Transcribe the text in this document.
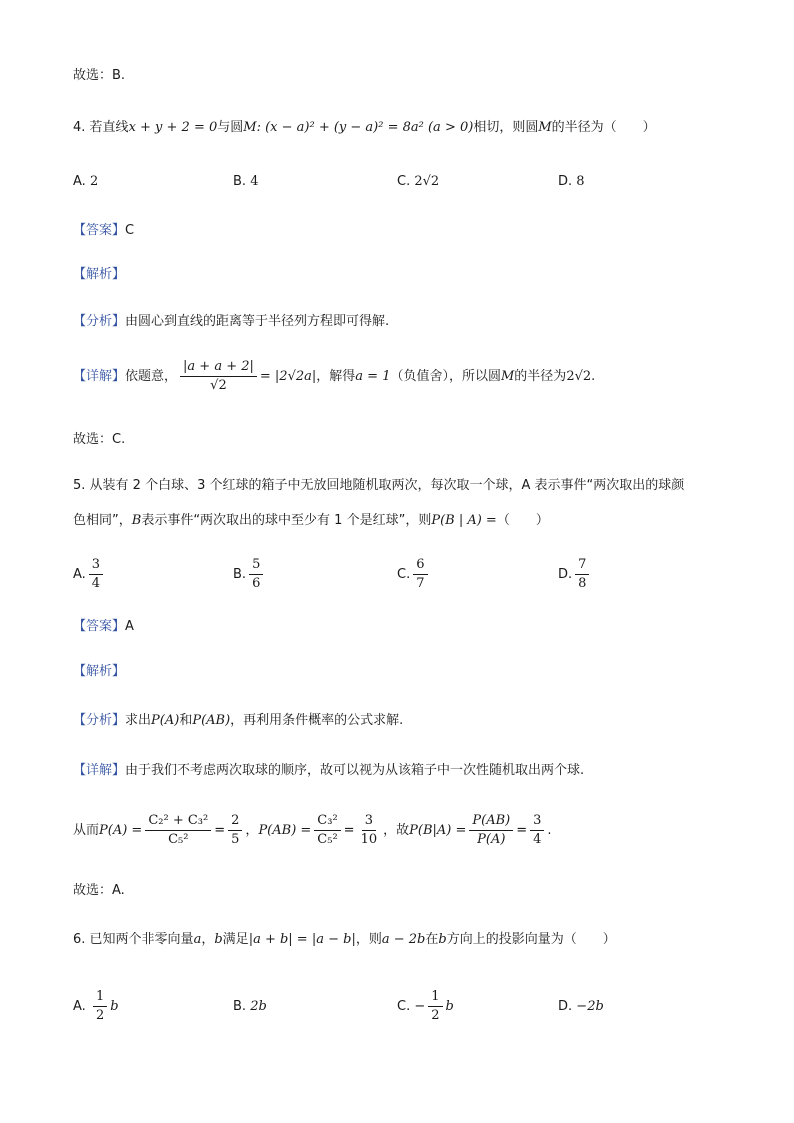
故选：B.
4. 若直线x + y + 2 = 0与圆M: (x − a)² + (y − a)² = 8a² (a > 0)相切，则圆M的半径为（　　）
A. 2	B. 4	C. 2√2	D. 8
【答案】C
【解析】
【分析】由圆心到直线的距离等于半径列方程即可得解.
【详解】依题意， $\frac{|a + a + 2|}{√2} = |2√2a|$，解得a = 1（负值舍），所以圆M的半径为2√2.
故选：C.
5. 从装有 2 个白球、3 个红球的箱子中无放回地随机取两次，每次取一个球，A 表示事件“两次取出的球颜
色相同”，B表示事件“两次取出的球中至少有 1 个是红球”，则P(B | A) =（　　）
A. $\frac{3}{4}$	B. $\frac{5}{6}$	C. $\frac{6}{7}$	D. $\frac{7}{8}$
【答案】A
【解析】
【分析】求出P(A)和P(AB)，再利用条件概率的公式求解.
【详解】由于我们不考虑两次取球的顺序，故可以视为从该箱子中一次性随机取出两个球.
从而$P(A) = \frac{\text{C₂² + C₃²}}{\text{C₅²}} = \frac{2}{5}$ ，$P(AB) = \frac{\text{C₃²}}{\text{C₅²}} = \frac{3}{10}$ ，故$P(B|A) = \frac{P(AB)}{P(A)} = \frac{3}{4}$ .
故选：A.
6. 已知两个非零向量a，b满足|a + b| = |a − b|，则a − 2b在b方向上的投影向量为（　　）
A. $\frac{1}{2}$ b	B. 2b	C. − $\frac{1}{2}$ b	D. −2b
